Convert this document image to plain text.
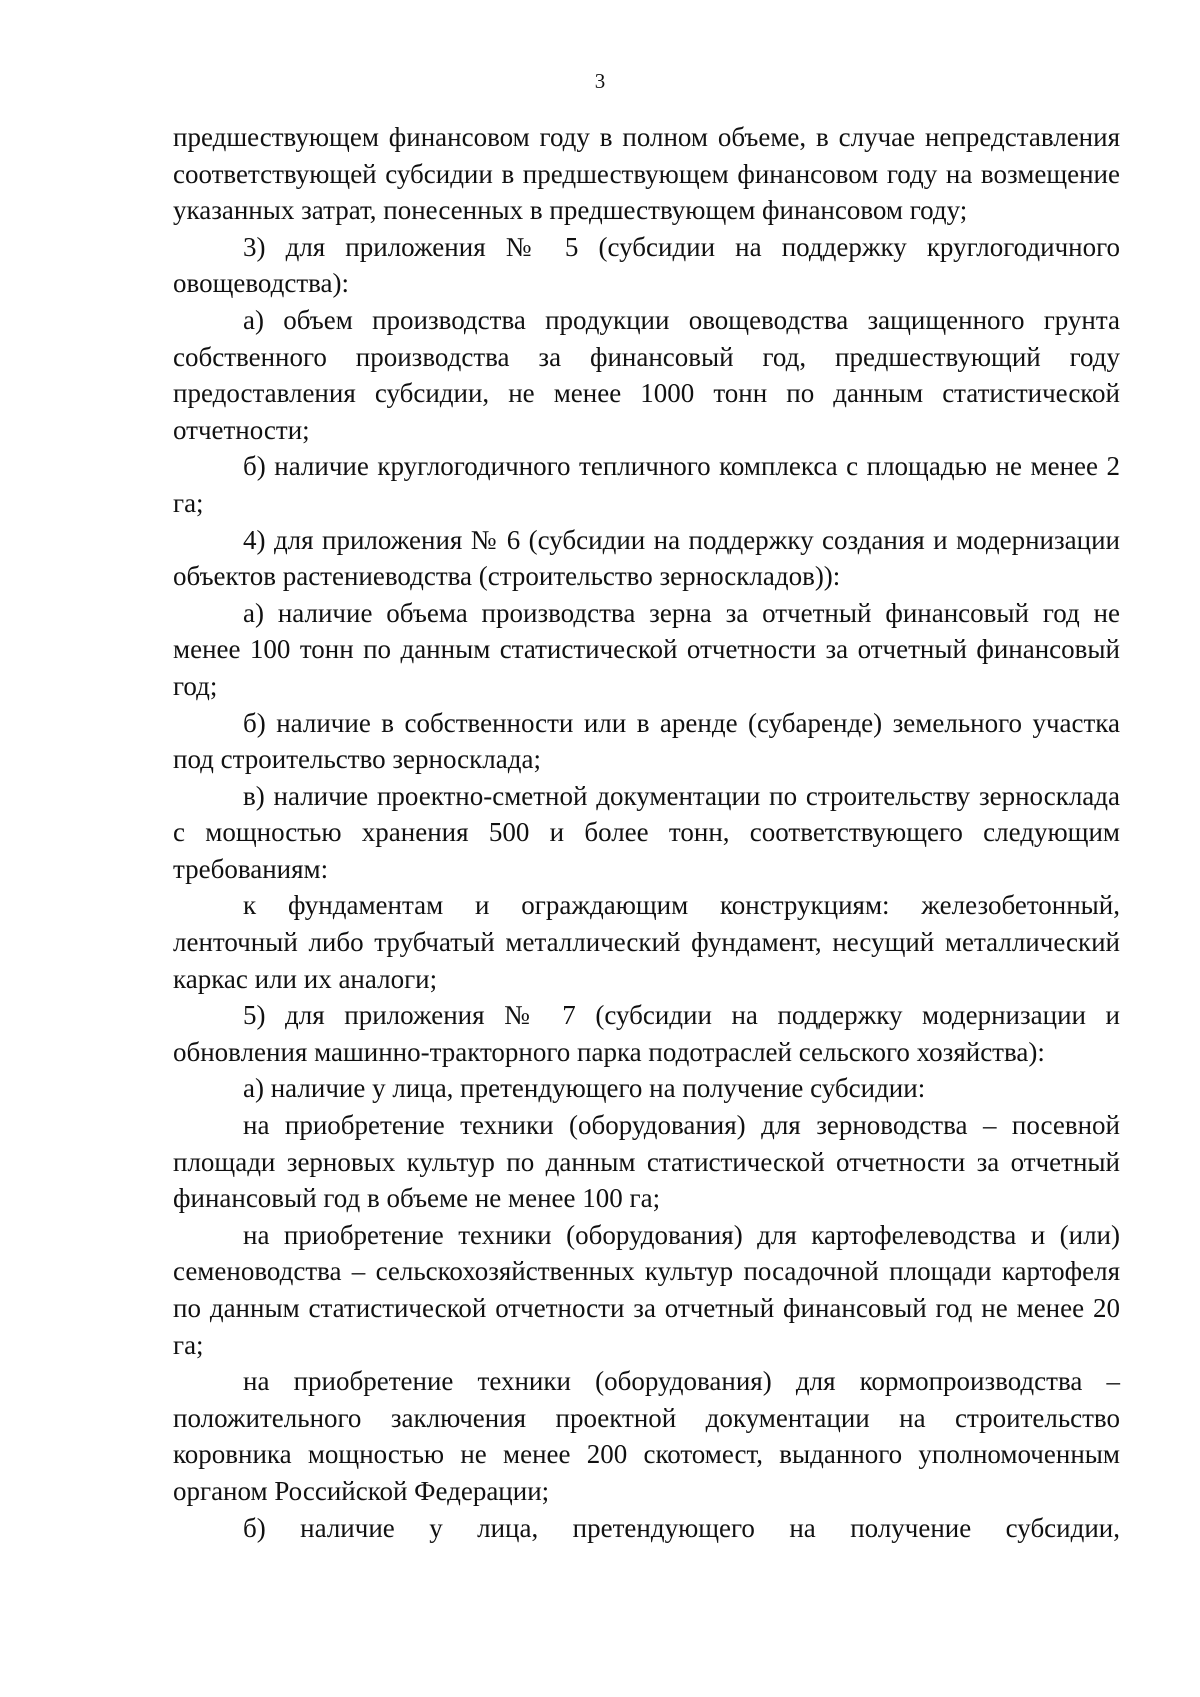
3

предшествующем финансовом году в полном объеме, в случае непредставления соответствующей субсидии в предшествующем финансовом году на возмещение указанных затрат, понесенных в предшествующем финансовом году;

3) для приложения № 5 (субсидии на поддержку круглогодичного овощеводства):

а) объем производства продукции овощеводства защищенного грунта собственного производства за финансовый год, предшествующий году предоставления субсидии, не менее 1000 тонн по данным статистической отчетности;

б) наличие круглогодичного тепличного комплекса с площадью не менее 2 га;

4) для приложения № 6 (субсидии на поддержку создания и модернизации объектов растениеводства (строительство зерноскладов)):

а) наличие объема производства зерна за отчетный финансовый год не менее 100 тонн по данным статистической отчетности за отчетный финансовый год;

б) наличие в собственности или в аренде (субаренде) земельного участка под строительство зерносклада;

в) наличие проектно-сметной документации по строительству зерносклада с мощностью хранения 500 и более тонн, соответствующего следующим требованиям:

к фундаментам и ограждающим конструкциям: железобетонный, ленточный либо трубчатый металлический фундамент, несущий металлический каркас или их аналоги;

5) для приложения № 7 (субсидии на поддержку модернизации и обновления машинно-тракторного парка подотраслей сельского хозяйства):

а) наличие у лица, претендующего на получение субсидии:

на приобретение техники (оборудования) для зерноводства – посевной площади зерновых культур по данным статистической отчетности за отчетный финансовый год в объеме не менее 100 га;

на приобретение техники (оборудования) для картофелеводства и (или) семеноводства – сельскохозяйственных культур посадочной площади картофеля по данным статистической отчетности за отчетный финансовый год не менее 20 га;

на приобретение техники (оборудования) для кормопроизводства – положительного заключения проектной документации на строительство коровника мощностью не менее 200 скотомест, выданного уполномоченным органом Российской Федерации;

б) наличие у лица, претендующего на получение субсидии,
